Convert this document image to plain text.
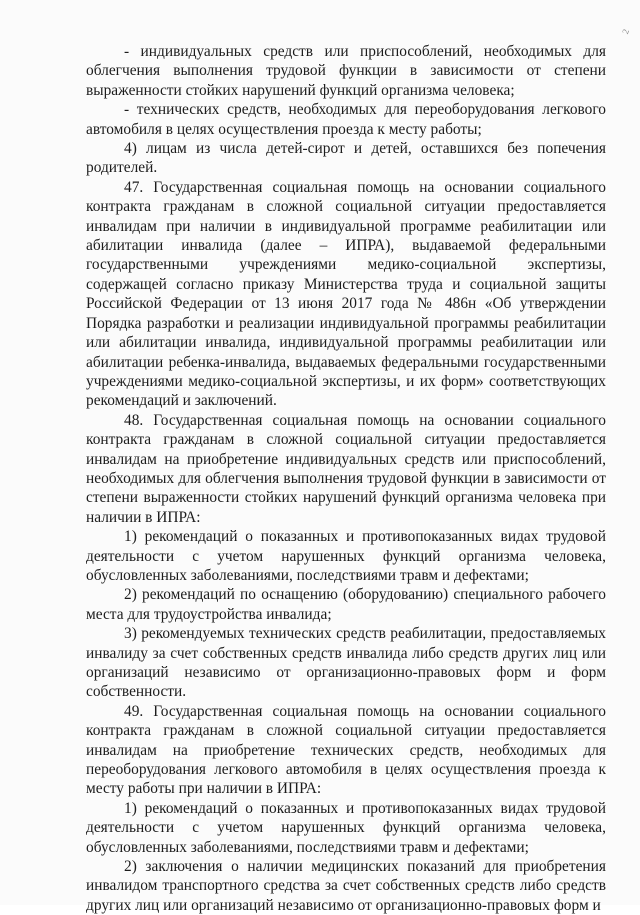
2

- индивидуальных средств или приспособлений, необходимых для облегчения выполнения трудовой функции в зависимости от степени выраженности стойких нарушений функций организма человека;

- технических средств, необходимых для переоборудования легкового автомобиля в целях осуществления проезда к месту работы;

4) лицам из числа детей-сирот и детей, оставшихся без попечения родителей.

47. Государственная социальная помощь на основании социального контракта гражданам в сложной социальной ситуации предоставляется инвалидам при наличии в индивидуальной программе реабилитации или абилитации инвалида (далее – ИПРА), выдаваемой федеральными государственными учреждениями медико-социальной экспертизы, содержащей согласно приказу Министерства труда и социальной защиты Российской Федерации от 13 июня 2017 года № 486н «Об утверждении Порядка разработки и реализации индивидуальной программы реабилитации или абилитации инвалида, индивидуальной программы реабилитации или абилитации ребенка-инвалида, выдаваемых федеральными государственными учреждениями медико-социальной экспертизы, и их форм» соответствующих рекомендаций и заключений.

48. Государственная социальная помощь на основании социального контракта гражданам в сложной социальной ситуации предоставляется инвалидам на приобретение индивидуальных средств или приспособлений, необходимых для облегчения выполнения трудовой функции в зависимости от степени выраженности стойких нарушений функций организма человека при наличии в ИПРА:

1) рекомендаций о показанных и противопоказанных видах трудовой деятельности с учетом нарушенных функций организма человека, обусловленных заболеваниями, последствиями травм и дефектами;

2) рекомендаций по оснащению (оборудованию) специального рабочего места для трудоустройства инвалида;

3) рекомендуемых технических средств реабилитации, предоставляемых инвалиду за счет собственных средств инвалида либо средств других лиц или организаций независимо от организационно-правовых форм и форм собственности.

49. Государственная социальная помощь на основании социального контракта гражданам в сложной социальной ситуации предоставляется инвалидам на приобретение технических средств, необходимых для переоборудования легкового автомобиля в целях осуществления проезда к месту работы при наличии в ИПРА:

1) рекомендаций о показанных и противопоказанных видах трудовой деятельности с учетом нарушенных функций организма человека, обусловленных заболеваниями, последствиями травм и дефектами;

2) заключения о наличии медицинских показаний для приобретения инвалидом транспортного средства за счет собственных средств либо средств других лиц или организаций независимо от организационно-правовых форм и
